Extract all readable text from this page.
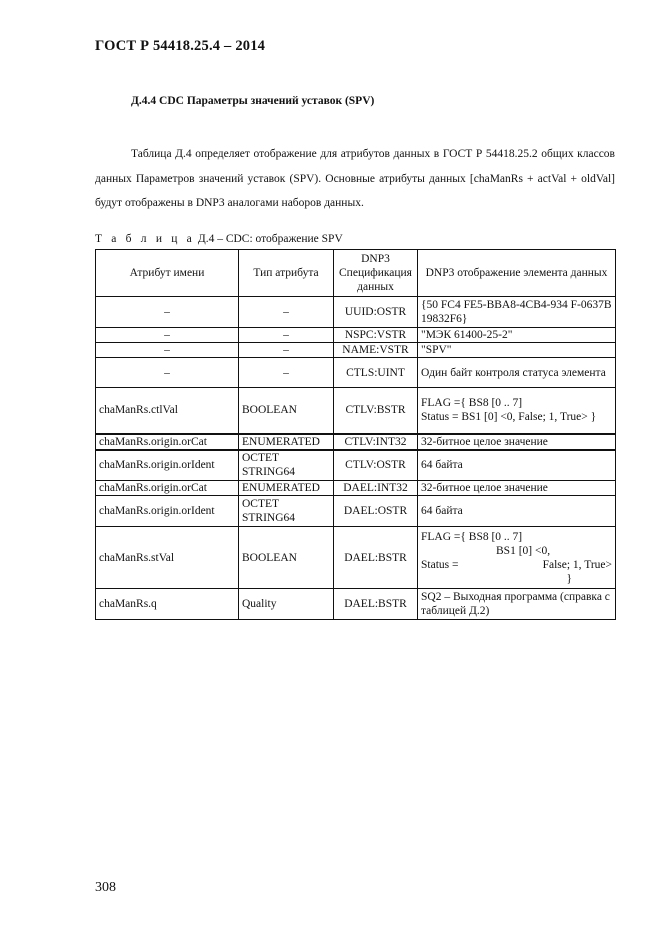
ГОСТ Р 54418.25.4 – 2014
Д.4.4 CDC Параметры значений уставок (SPV)
Таблица Д.4 определяет отображение для атрибутов данных в ГОСТ Р 54418.25.2 общих классов данных Параметров значений уставок (SPV). Основные атрибуты данных [chaManRs + actVal + oldVal] будут отображены в DNP3 аналогами наборов данных.
Т а б л и ц а Д.4 – CDC: отображение SPV
Атрибут имени	Тип атрибута	DNP3
Спецификация
данных	DNP3 отображение элемента данных
–	–	UUID:OSTR	{50 FC4 FE5-BBA8-4CB4-934 F-0637B 19832F6}
–	–	NSPC:VSTR	"МЭК 61400-25-2"
–	–	NAME:VSTR	"SPV"
–	–	CTLS:UINT	Один байт контроля статуса элемента
chaManRs.ctlVal	BOOLEAN	CTLV:BSTR	FLAG ={ BS8 [0 .. 7]
Status = BS1 [0] <0, False; 1, True> }

chaManRs.origin.orCat	ENUMERATED	CTLV:INT32	32-битное целое значение
chaManRs.origin.orIdent	OCTET
STRING64	CTLV:OSTR	64 байта
chaManRs.origin.orCat	ENUMERATED	DAEL:INT32	32-битное целое значение
chaManRs.origin.orIdent	OCTET
STRING64	DAEL:OSTR	64 байта
chaManRs.stVal	BOOLEAN	DAEL:BSTR	FLAG ={ BS8 [0 .. 7]
BS1 [0] <0,
Status = False; 1, True>
}

chaManRs.q	Quality	DAEL:BSTR	SQ2 – Выходная программа (справка с таблицей Д.2)
308
